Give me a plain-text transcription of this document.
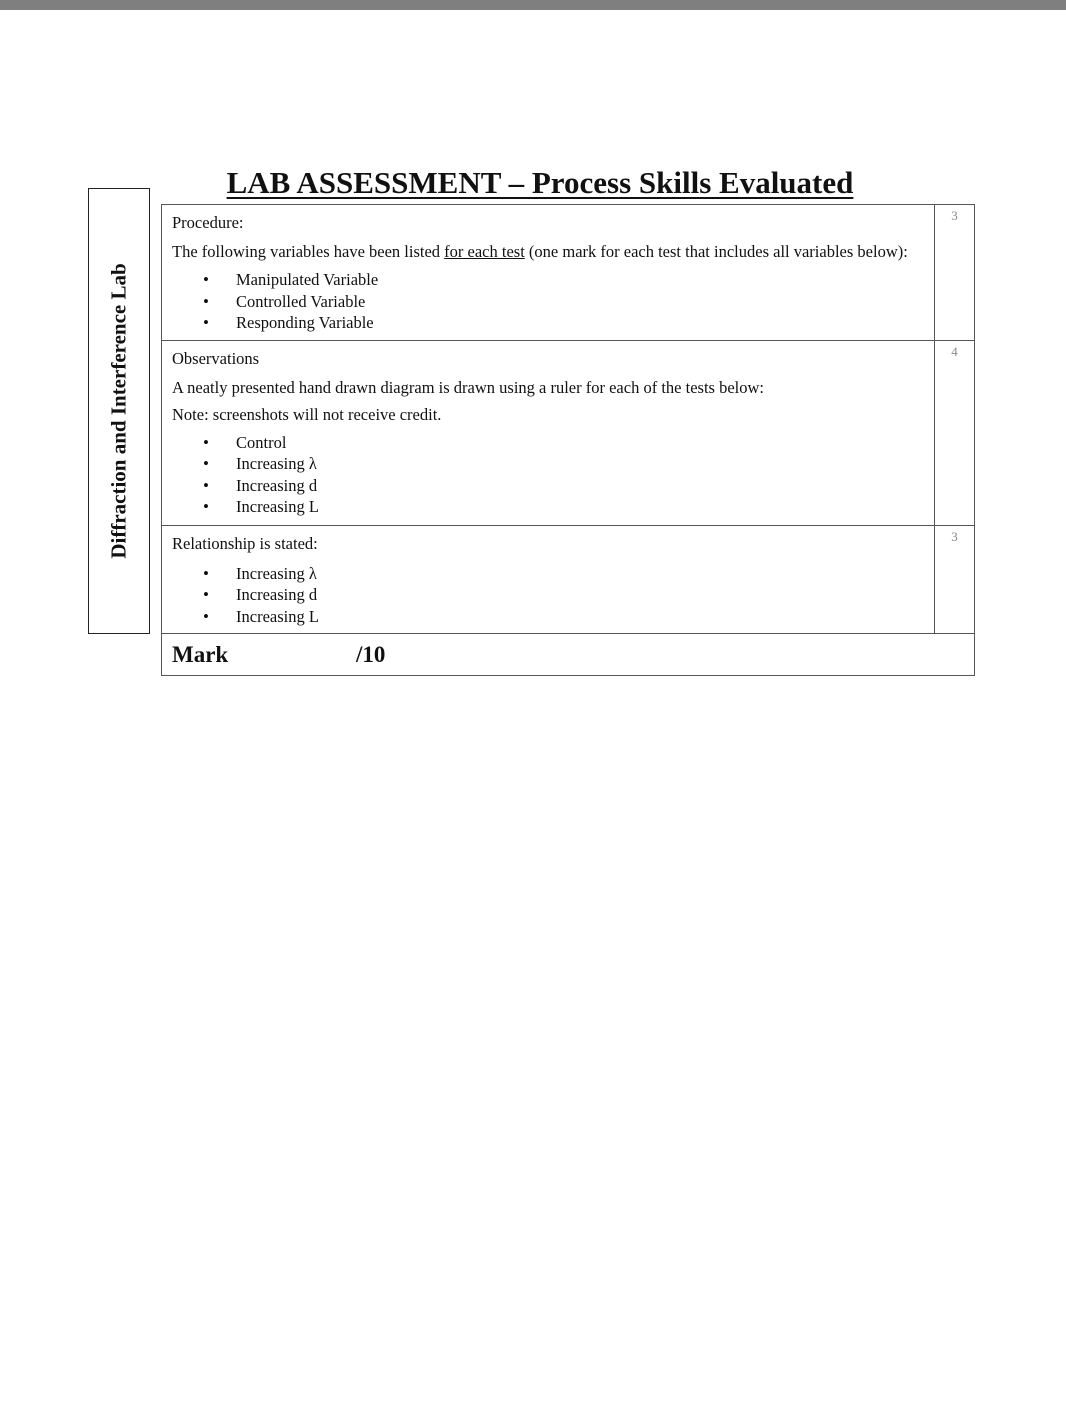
LAB ASSESSMENT – Process Skills Evaluated
Diffraction and Interference Lab

Procedure:

The following variables have been listed for each test (one mark for each test that includes all variables below):

• Manipulated Variable
• Controlled Variable
• Responding Variable
3

Observations

A neatly presented hand drawn diagram is drawn using a ruler for each of the tests below:

Note: screenshots will not receive credit.

• Control
• Increasing λ
• Increasing d
• Increasing L
4

Relationship is stated:

• Increasing λ
• Increasing d
• Increasing L
3
Mark	/10
